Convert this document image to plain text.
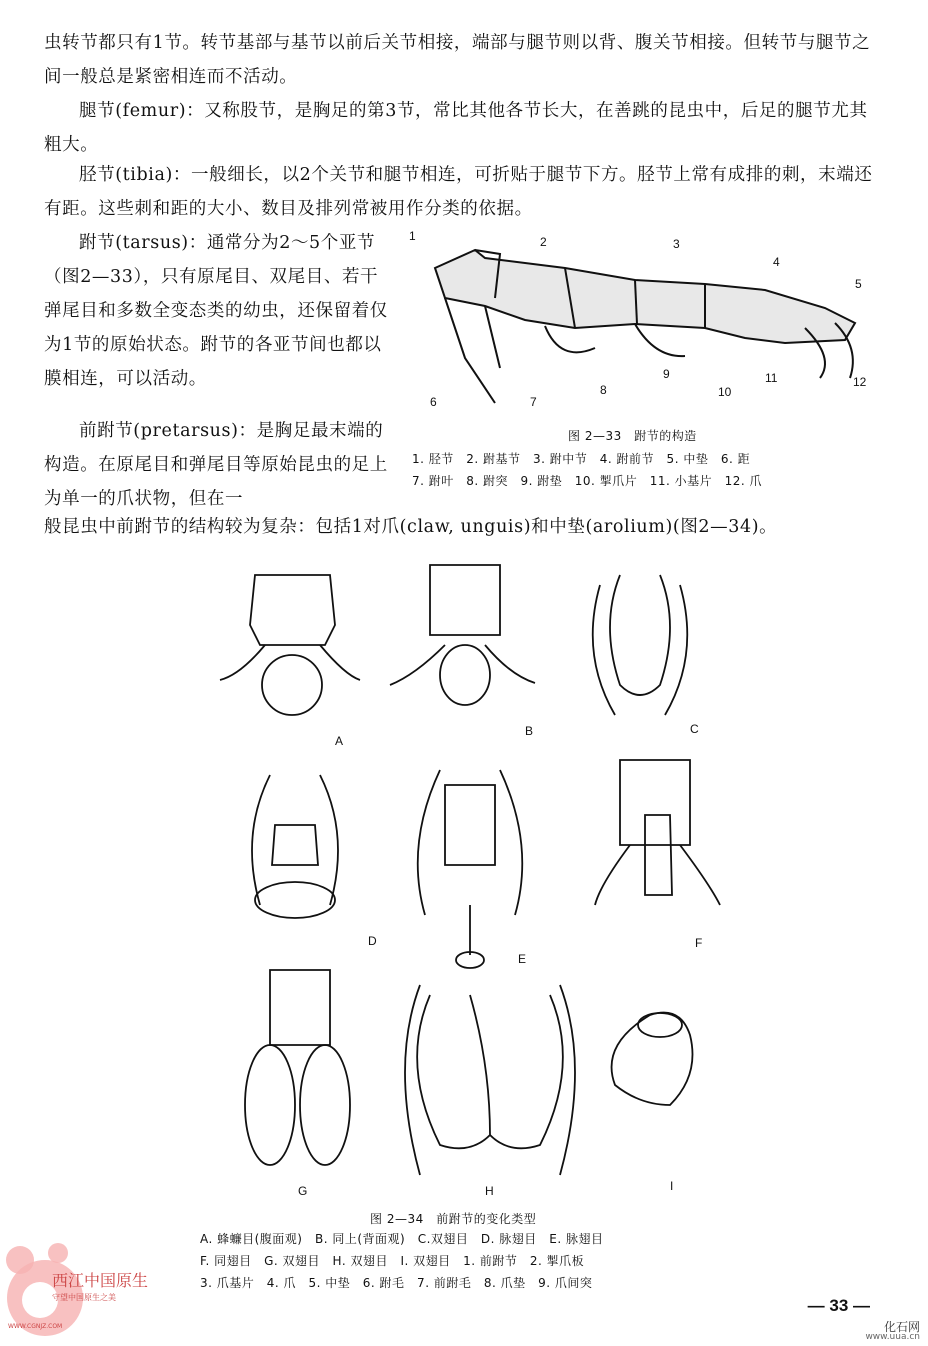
虫转节都只有1节。转节基部与基节以前后关节相接，端部与腿节则以背、腹关节相接。但转节与腿节之间一般总是紧密相连而不活动。

腿节(femur)：又称股节，是胸足的第3节，常比其他各节长大，在善跳的昆虫中，后足的腿节尤其粗大。

胫节(tibia)：一般细长，以2个关节和腿节相连，可折贴于腿节下方。胫节上常有成排的刺，末端还有距。这些刺和距的大小、数目及排列常被用作分类的依据。

跗节(tarsus)：通常分为2～5个亚节（图2—33），只有原尾目、双尾目、若干弹尾目和多数全变态类的幼虫，还保留着仅为1节的原始状态。跗节的各亚节间也都以膜相连，可以活动。

前跗节(pretarsus)：是胸足最末端的构造。在原尾目和弹尾目等原始昆虫的足上为单一的爪状物，但在一

般昆虫中前跗节的结构较为复杂：包括1对爪(claw, unguis)和中垫(arolium)(图2—34)。

1	2	3
4
5
6	7
8
9
10
11	12
图 2—33　跗节的构造
1. 胫节　2. 跗基节　3. 跗中节　4. 跗前节　5. 中垫　6. 距
7. 跗叶　8. 跗突　9. 跗垫　10. 掣爪片　11. 小基片　12. 爪
A
B	C
D
E
F
G	H	I
图 2—34　前跗节的变化类型
A. 蜂蠊目(腹面观)　B. 同上(背面观)　C.双翅目　D. 脉翅目　E. 脉翅目
F. 同翅目　G. 双翅目　H. 双翅目　I. 双翅目　1. 前跗节　2. 掣爪板
3. 爪基片　4. 爪　5. 中垫　6. 跗毛　7. 前跗毛　8. 爪垫　9. 爪间突
西江中国原生
守望中国原生之美
WWW.CGNJZ.COM
— 33 —
化石网
www.uua.cn
